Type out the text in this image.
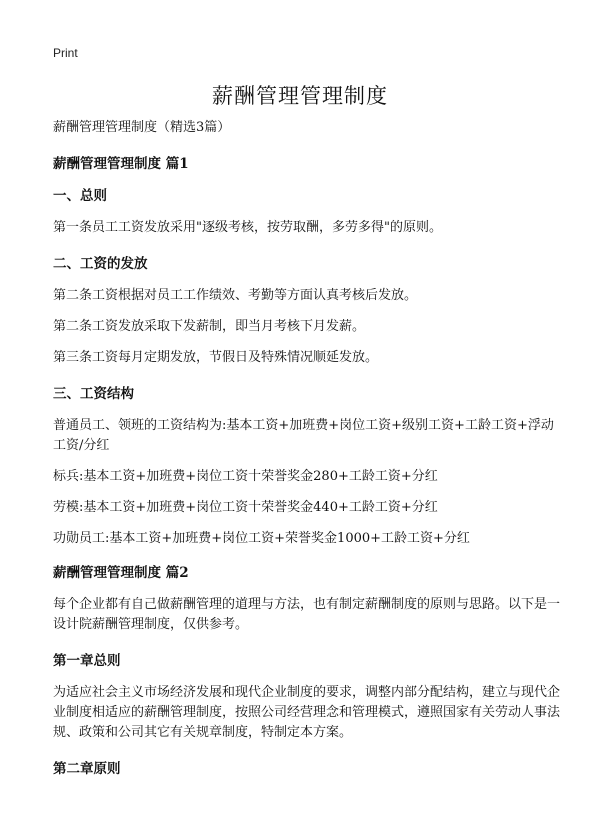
Print
薪酬管理管理制度

薪酬管理管理制度（精选3篇）

薪酬管理管理制度 篇1

一、总则

第一条员工工资发放采用"逐级考核，按劳取酬，多劳多得"的原则。

二、工资的发放

第二条工资根据对员工工作绩效、考勤等方面认真考核后发放。

第二条工资发放采取下发薪制，即当月考核下月发薪。

第三条工资每月定期发放，节假日及特殊情况顺延发放。

三、工资结构

普通员工、领班的工资结构为:基本工资+加班费+岗位工资+级别工资+工龄工资+浮动工资/分红

标兵:基本工资+加班费+岗位工资十荣誉奖金280+工龄工资+分红

劳模:基本工资+加班费+岗位工资十荣誉奖金440+工龄工资+分红

功勋员工:基本工资+加班费+岗位工资+荣誉奖金1000+工龄工资+分红

薪酬管理管理制度 篇2

每个企业都有自己做薪酬管理的道理与方法，也有制定薪酬制度的原则与思路。以下是一设计院薪酬管理制度，仅供参考。

第一章总则

为适应社会主义市场经济发展和现代企业制度的要求，调整内部分配结构，建立与现代企业制度相适应的薪酬管理制度，按照公司经营理念和管理模式，遵照国家有关劳动人事法规、政策和公司其它有关规章制度，特制定本方案。

第二章原则
